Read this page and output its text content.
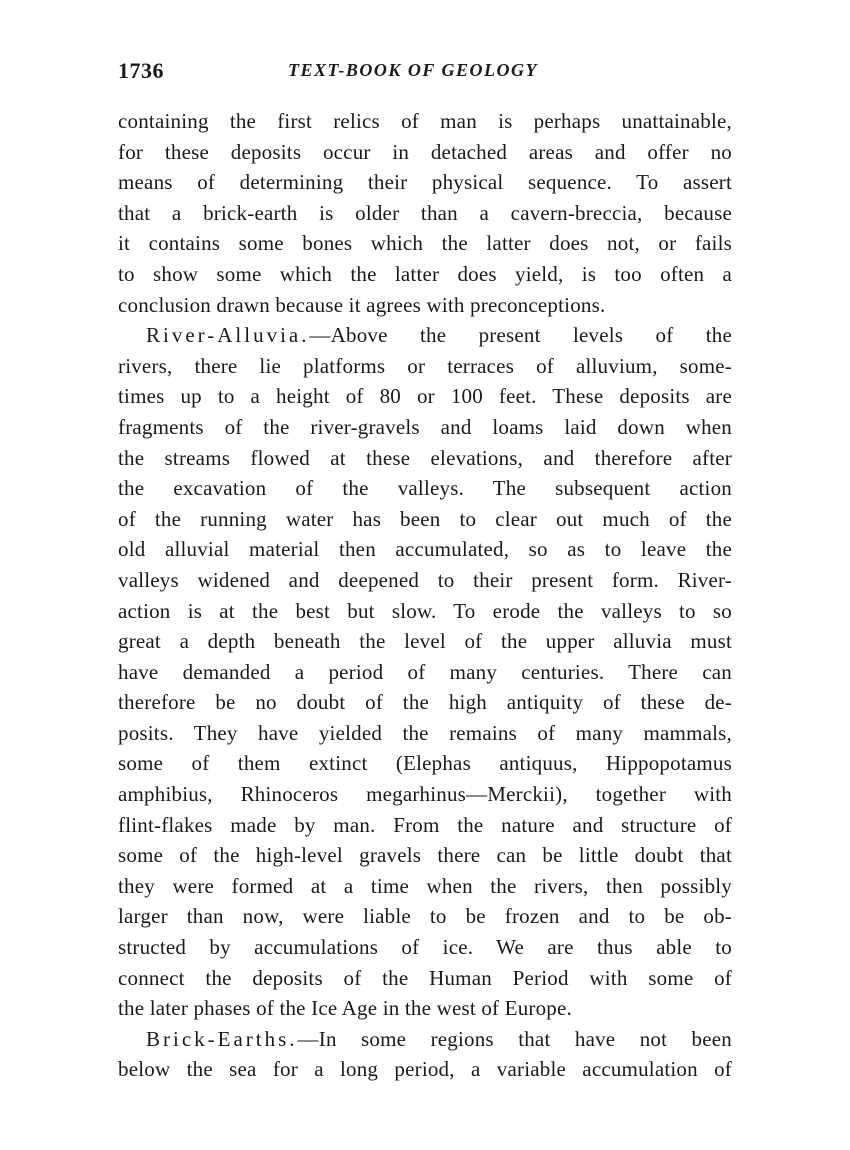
1736	TEXT-BOOK OF GEOLOGY
containing the first relics of man is perhaps unattainable,
for these deposits occur in detached areas and offer no
means of determining their physical sequence. To assert
that a brick-earth is older than a cavern-breccia, because
it contains some bones which the latter does not, or fails
to show some which the latter does yield, is too often a
conclusion drawn because it agrees with preconceptions.
River-Alluvia.—Above the present levels of the
rivers, there lie platforms or terraces of alluvium, some-
times up to a height of 80 or 100 feet. These deposits are
fragments of the river-gravels and loams laid down when
the streams flowed at these elevations, and therefore after
the excavation of the valleys. The subsequent action
of the running water has been to clear out much of the
old alluvial material then accumulated, so as to leave the
valleys widened and deepened to their present form. River-
action is at the best but slow. To erode the valleys to so
great a depth beneath the level of the upper alluvia must
have demanded a period of many centuries. There can
therefore be no doubt of the high antiquity of these de-
posits. They have yielded the remains of many mammals,
some of them extinct (Elephas antiquus, Hippopotamus
amphibius, Rhinoceros megarhinus—Merckii), together with
flint-flakes made by man. From the nature and structure of
some of the high-level gravels there can be little doubt that
they were formed at a time when the rivers, then possibly
larger than now, were liable to be frozen and to be ob-
structed by accumulations of ice. We are thus able to
connect the deposits of the Human Period with some of
the later phases of the Ice Age in the west of Europe.
Brick-Earths.—In some regions that have not been
below the sea for a long period, a variable accumulation of
